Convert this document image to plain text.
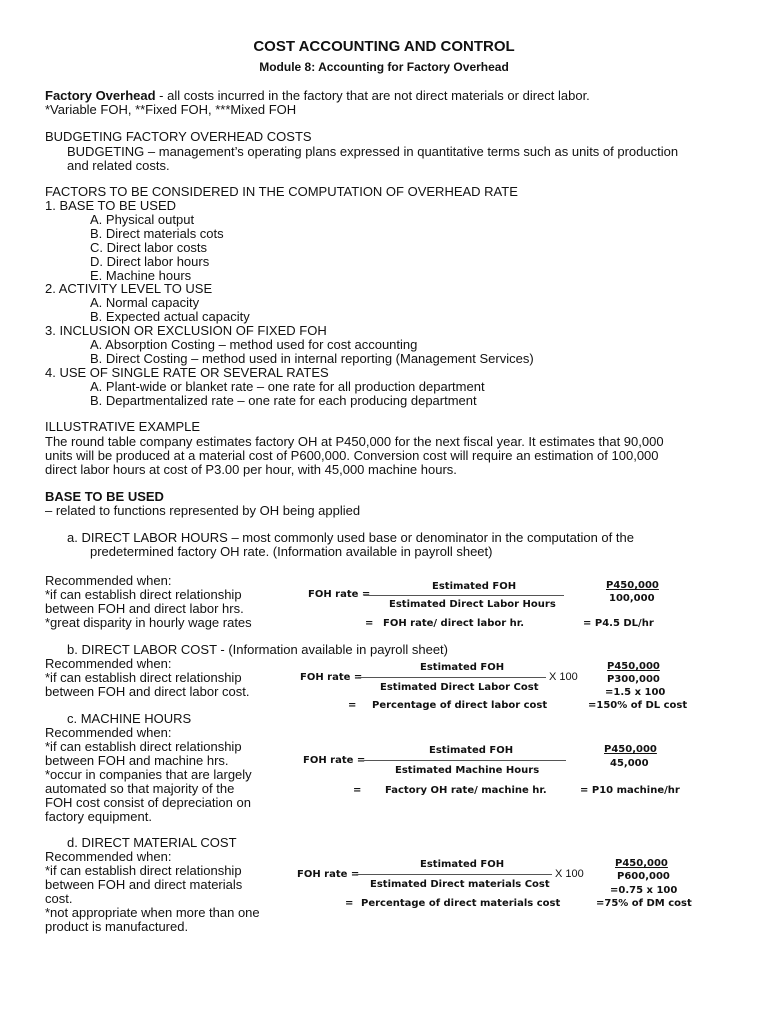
COST ACCOUNTING AND CONTROL
Module 8: Accounting for Factory Overhead
Factory Overhead - all costs incurred in the factory that are not direct materials or direct labor.
*Variable FOH, **Fixed FOH, ***Mixed FOH
BUDGETING FACTORY OVERHEAD COSTS
BUDGETING – management’s operating plans expressed in quantitative terms such as units of production
and related costs.
FACTORS TO BE CONSIDERED IN THE COMPUTATION OF OVERHEAD RATE
1. BASE TO BE USED
A. Physical output
B. Direct materials cots
C. Direct labor costs
D. Direct labor hours
E. Machine hours
2. ACTIVITY LEVEL TO USE
A. Normal capacity
B. Expected actual capacity
3. INCLUSION OR EXCLUSION OF FIXED FOH
A. Absorption Costing – method used for cost accounting
B. Direct Costing – method used in internal reporting (Management Services)
4. USE OF SINGLE RATE OR SEVERAL RATES
A. Plant-wide or blanket rate – one rate for all production department
B. Departmentalized rate – one rate for each producing department
ILLUSTRATIVE EXAMPLE
The round table company estimates factory OH at P450,000 for the next fiscal year. It estimates that 90,000
units will be produced at a material cost of P600,000. Conversion cost will require an estimation of 100,000
direct labor hours at cost of P3.00 per hour, with 45,000 machine hours.
BASE TO BE USED
– related to functions represented by OH being applied
a. DIRECT LABOR HOURS – most commonly used base or denominator in the computation of the
predetermined factory OH rate. (Information available in payroll sheet)
Recommended when:
*if can establish direct relationship
between FOH and direct labor hrs.
*great disparity in hourly wage rates
FOH rate =
Estimated FOH
Estimated Direct Labor Hours
= FOH rate/ direct labor hr.
P450,000
100,000
= P4.5 DL/hr
b. DIRECT LABOR COST - (Information available in payroll sheet)
Recommended when:
*if can establish direct relationship
between FOH and direct labor cost.
FOH rate =
Estimated FOH
X 100
Estimated Direct Labor Cost
= Percentage of direct labor cost
P450,000
P300,000
=1.5 x 100
=150% of DL cost
c. MACHINE HOURS
Recommended when:
*if can establish direct relationship
between FOH and machine hrs.
*occur in companies that are largely
automated so that majority of the
FOH cost consist of depreciation on
factory equipment.
FOH rate =
Estimated FOH
Estimated Machine Hours
= Factory OH rate/ machine hr.
P450,000
45,000
= P10 machine/hr
d. DIRECT MATERIAL COST
Recommended when:
*if can establish direct relationship
between FOH and direct materials
cost.
*not appropriate when more than one
product is manufactured.
FOH rate =
Estimated FOH
X 100
Estimated Direct materials Cost
= Percentage of direct materials cost
P450,000
P600,000
=0.75 x 100
=75% of DM cost
